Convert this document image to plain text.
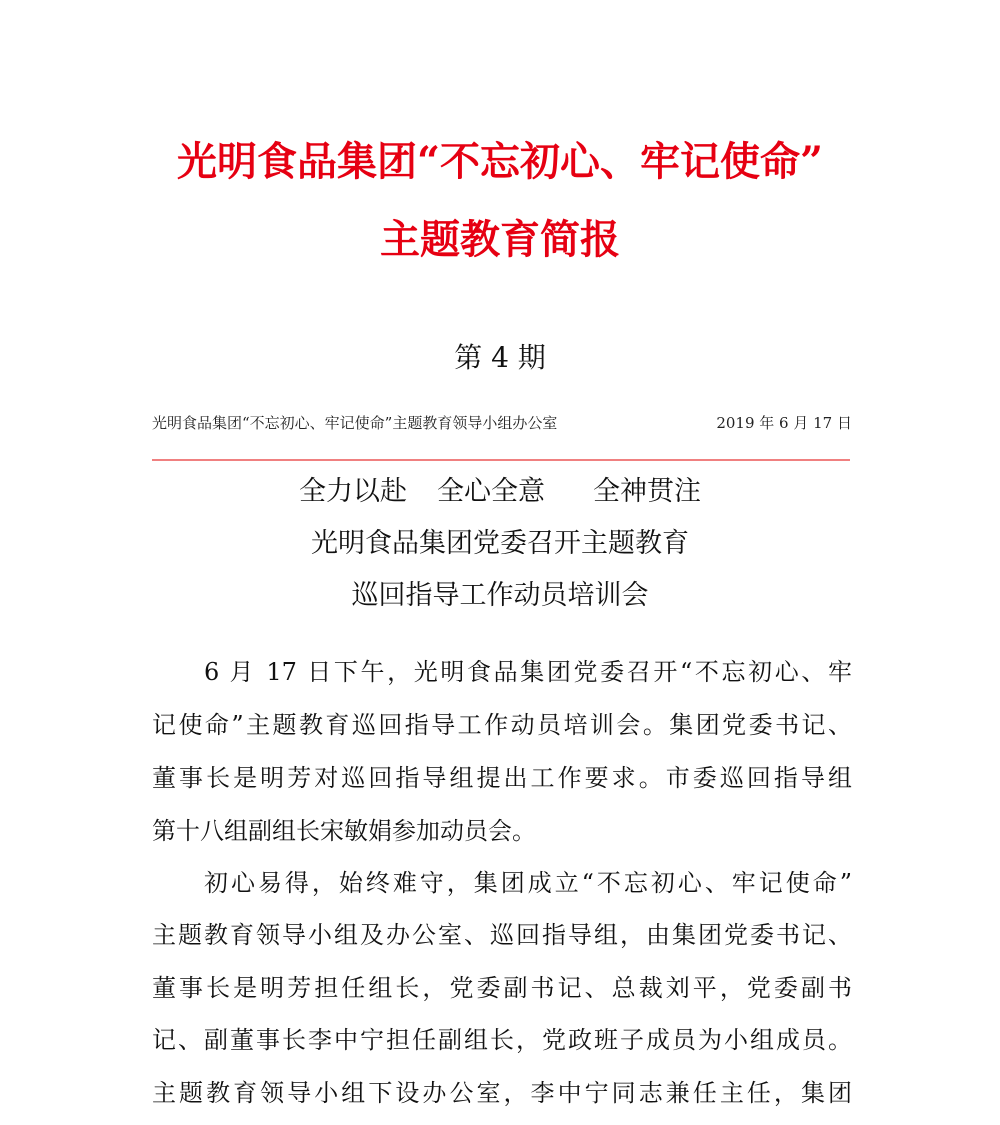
光明食品集团“不忘初心、牢记使命”
主题教育简报
第 4 期
光明食品集团“不忘初心、牢记使命”主题教育领导小组办公室	2019 年 6 月 17 日
全力以赴 全心全意 全神贯注
光明食品集团党委召开主题教育
巡回指导工作动员培训会
6 月 17 日下午，光明食品集团党委召开“不忘初心、牢
记使命”主题教育巡回指导工作动员培训会。集团党委书记、
董事长是明芳对巡回指导组提出工作要求。市委巡回指导组
第十八组副组长宋敏娟参加动员会。
初心易得，始终难守，集团成立“不忘初心、牢记使命”
主题教育领导小组及办公室、巡回指导组，由集团党委书记、
董事长是明芳担任组长，党委副书记、总裁刘平，党委副书
记、副董事长李中宁担任副组长，党政班子成员为小组成员。
主题教育领导小组下设办公室，李中宁同志兼任主任，集团
